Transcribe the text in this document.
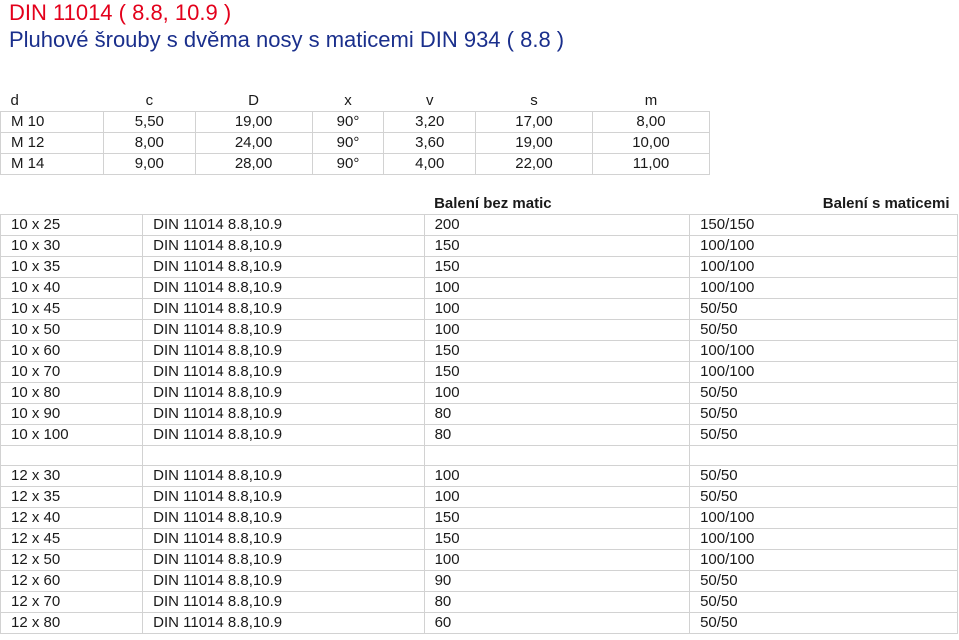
DIN 11014 ( 8.8, 10.9 )
Pluhové šrouby s dvěma nosy s maticemi DIN 934 ( 8.8 )
d	c	D	x	v	s	m
M 10	5,50	19,00	90°	3,20	17,00	8,00
M 12	8,00	24,00	90°	3,60	19,00	10,00
M 14	9,00	28,00	90°	4,00	22,00	11,00
		Balení bez matic	Balení s maticemi
10 x 25	DIN 11014 8.8,10.9	200	150/150
10 x 30	DIN 11014 8.8,10.9	150	100/100
10 x 35	DIN 11014 8.8,10.9	150	100/100
10 x 40	DIN 11014 8.8,10.9	100	100/100
10 x 45	DIN 11014 8.8,10.9	100	50/50
10 x 50	DIN 11014 8.8,10.9	100	50/50
10 x 60	DIN 11014 8.8,10.9	150	100/100
10 x 70	DIN 11014 8.8,10.9	150	100/100
10 x 80	DIN 11014 8.8,10.9	100	50/50
10 x 90	DIN 11014 8.8,10.9	80	50/50
10 x 100	DIN 11014 8.8,10.9	80	50/50

12 x 30	DIN 11014 8.8,10.9	100	50/50
12 x 35	DIN 11014 8.8,10.9	100	50/50
12 x 40	DIN 11014 8.8,10.9	150	100/100
12 x 45	DIN 11014 8.8,10.9	150	100/100
12 x 50	DIN 11014 8.8,10.9	100	100/100
12 x 60	DIN 11014 8.8,10.9	90	50/50
12 x 70	DIN 11014 8.8,10.9	80	50/50
12 x 80	DIN 11014 8.8,10.9	60	50/50
